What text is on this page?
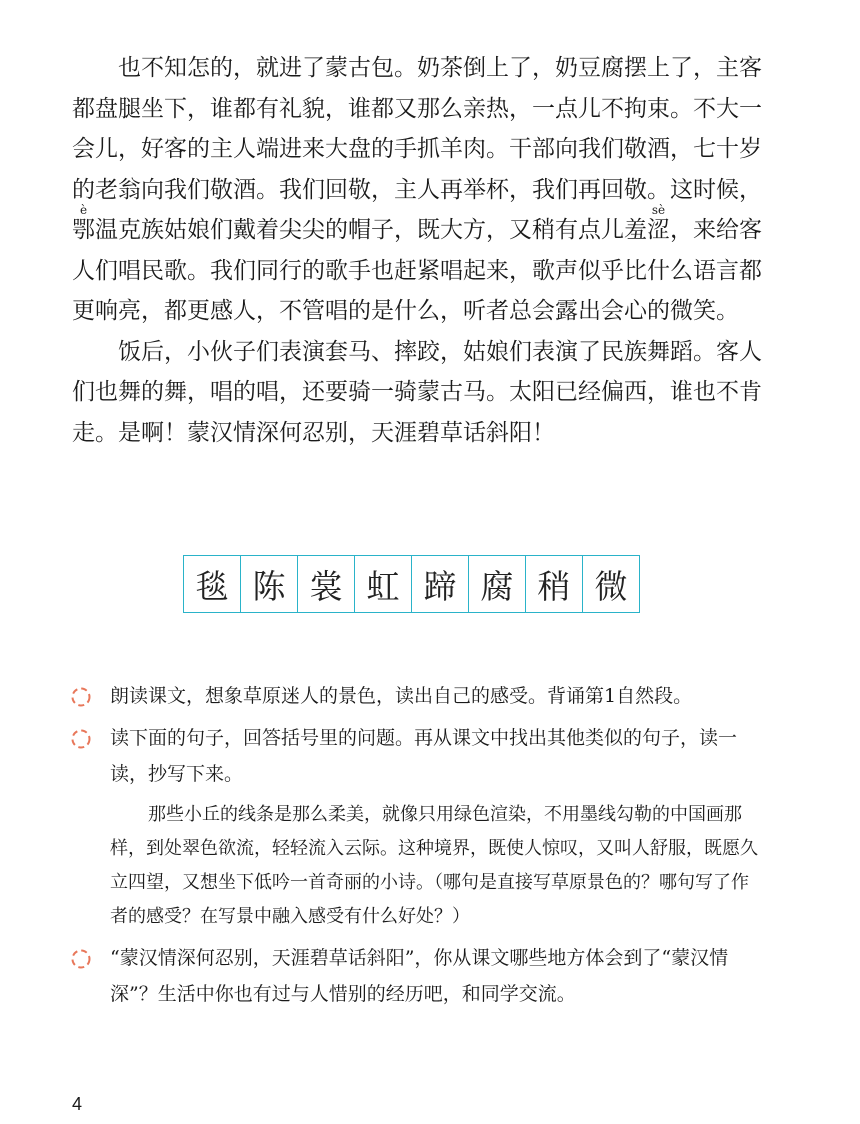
也不知怎的，就进了蒙古包。奶茶倒上了，奶豆腐摆上了，主客都盘腿坐下，谁都有礼貌，谁都又那么亲热，一点儿不拘束。不大一会儿，好客的主人端进来大盘的手抓羊肉。干部向我们敬酒，七十岁的老翁向我们敬酒。我们回敬，主人再举杯，我们再回敬。这时候，鄂è温克族姑娘们戴着尖尖的帽子，既大方，又稍有点儿羞涩sè，来给客人们唱民歌。我们同行的歌手也赶紧唱起来，歌声似乎比什么语言都更响亮，都更感人，不管唱的是什么，听者总会露出会心的微笑。

饭后，小伙子们表演套马、摔跤，姑娘们表演了民族舞蹈。客人们也舞的舞，唱的唱，还要骑一骑蒙古马。太阳已经偏西，谁也不肯走。是啊！蒙汉情深何忍别，天涯碧草话斜阳！

毯 陈 裳 虹 蹄 腐 稍 微
朗读课文，想象草原迷人的景色，读出自己的感受。背诵第1自然段。
读下面的句子，回答括号里的问题。再从课文中找出其他类似的句子，读一读，抄写下来。

那些小丘的线条是那么柔美，就像只用绿色渲染，不用墨线勾勒的中国画那样，到处翠色欲流，轻轻流入云际。这种境界，既使人惊叹，又叫人舒服，既愿久立四望，又想坐下低吟一首奇丽的小诗。（哪句是直接写草原景色的？哪句写了作者的感受？在写景中融入感受有什么好处？）

“蒙汉情深何忍别，天涯碧草话斜阳”，你从课文哪些地方体会到了“蒙汉情深”？生活中你也有过与人惜别的经历吧，和同学交流。
4
